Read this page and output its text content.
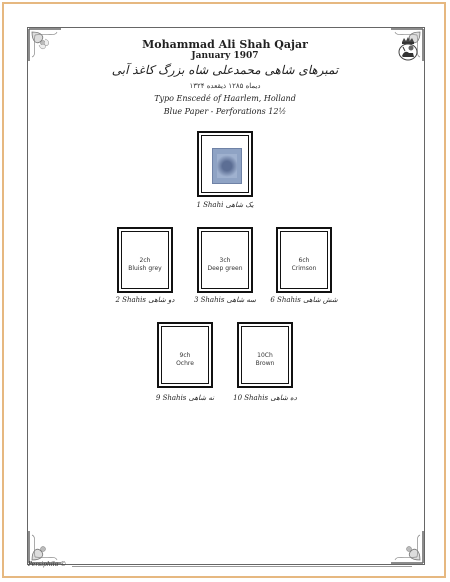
Mohammad Ali Shah Qajar
January 1907
تمبرهای شاهی محمدعلی شاه بزرگ کاغذ آبی
دیماه ۱۲۸۵ ذیقعده ۱۳۲۴
Typo Enscedé of Haarlem, Holland
Blue Paper - Perforations 12½
1 Shahi یک شاهی
2ch
Bluish grey
2 Shahis دو شاهی
3ch
Deep green
3 Shahis سه شاهی
6ch
Crimson
6 Shahis شش شاهی
9ch
Ochre
9 Shahis نه شاهی
10Ch
Brown
10 Shahis ده شاهی
Persiphila ©
